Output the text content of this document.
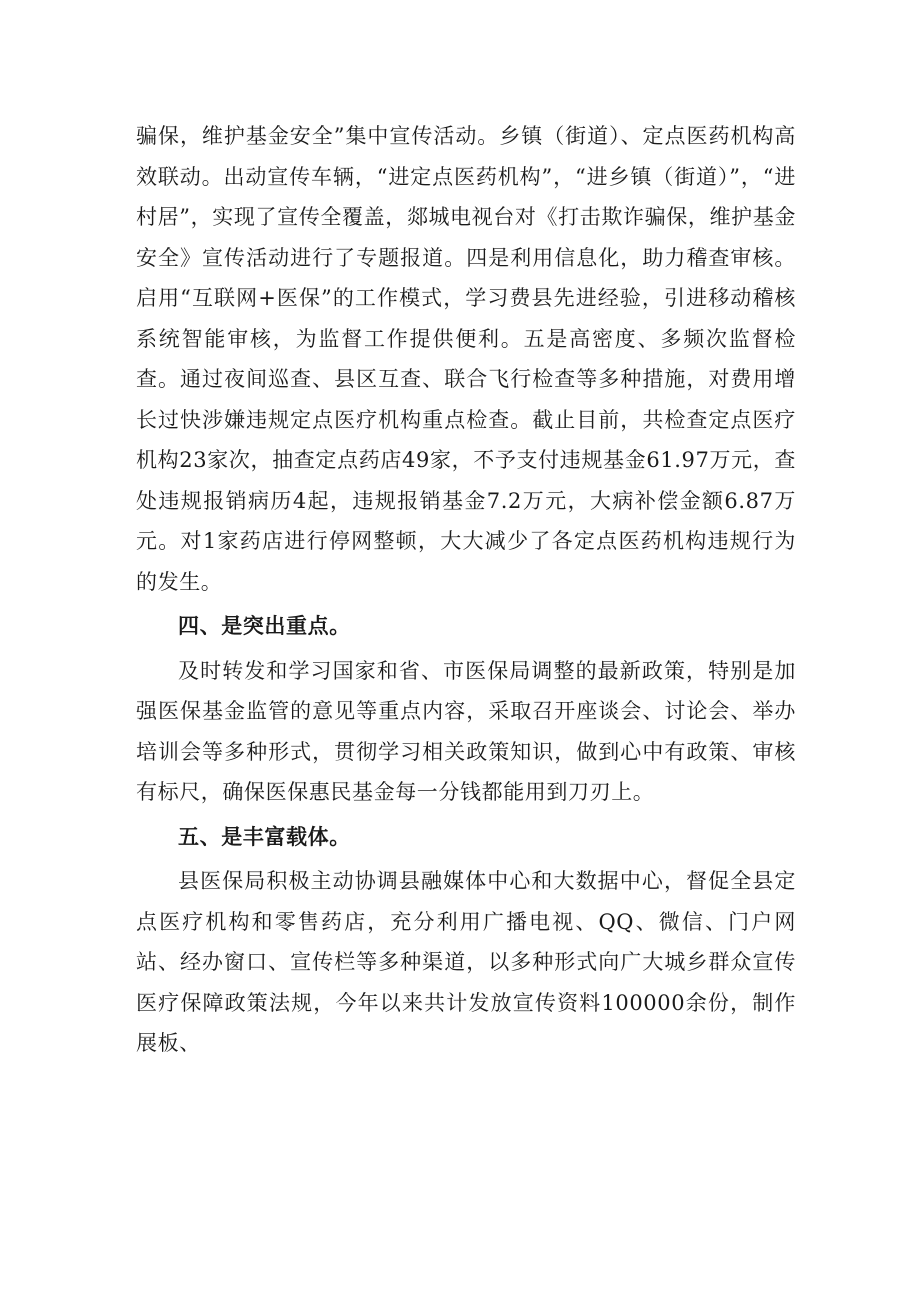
骗保，维护基金安全”集中宣传活动。乡镇（街道）、定点医药机构高效联动。出动宣传车辆，“进定点医药机构”，“进乡镇（街道）”，“进村居”，实现了宣传全覆盖，郯城电视台对《打击欺诈骗保，维护基金安全》宣传活动进行了专题报道。四是利用信息化，助力稽查审核。启用“互联网+医保”的工作模式，学习费县先进经验，引进移动稽核系统智能审核，为监督工作提供便利。五是高密度、多频次监督检查。通过夜间巡查、县区互查、联合飞行检查等多种措施，对费用增长过快涉嫌违规定点医疗机构重点检查。截止目前，共检查定点医疗机构23家次，抽查定点药店49家，不予支付违规基金61.97万元，查处违规报销病历4起，违规报销基金7.2万元，大病补偿金额6.87万元。对1家药店进行停网整顿，大大减少了各定点医药机构违规行为的发生。

四、是突出重点。

及时转发和学习国家和省、市医保局调整的最新政策，特别是加强医保基金监管的意见等重点内容，采取召开座谈会、讨论会、举办培训会等多种形式，贯彻学习相关政策知识，做到心中有政策、审核有标尺，确保医保惠民基金每一分钱都能用到刀刃上。

五、是丰富载体。

县医保局积极主动协调县融媒体中心和大数据中心，督促全县定点医疗机构和零售药店，充分利用广播电视、QQ、微信、门户网站、经办窗口、宣传栏等多种渠道，以多种形式向广大城乡群众宣传医疗保障政策法规，今年以来共计发放宣传资料100000余份，制作展板、
